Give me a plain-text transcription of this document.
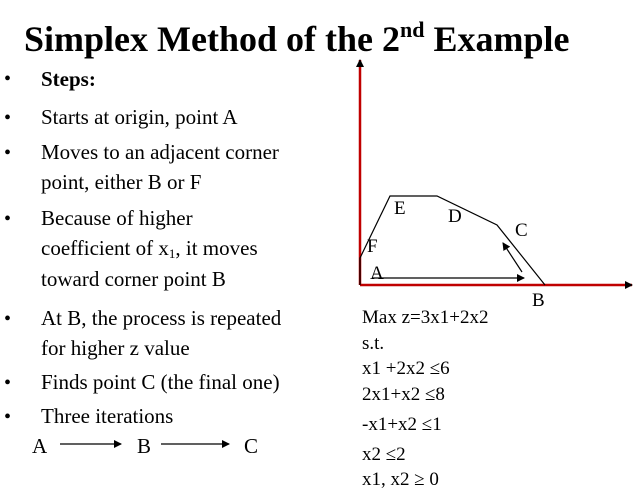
Simplex Method of the 2nd Example
• Steps:
• Starts at origin, point A
• Moves to an adjacent corner
point, either B or F
• Because of higher
coefficient of $x_1$, it moves
toward corner point B
• At B, the process is repeated
for higher z value
• Finds point C (the final one)
• Three iterations
A	B	C
E D
C
F
A
B
Max z=3x1+2x2
s.t.
x1 +2x2 ≤6
2x1+x2 ≤8
-x1+x2 ≤1
x2 ≤2
x1, x2 ≥ 0
